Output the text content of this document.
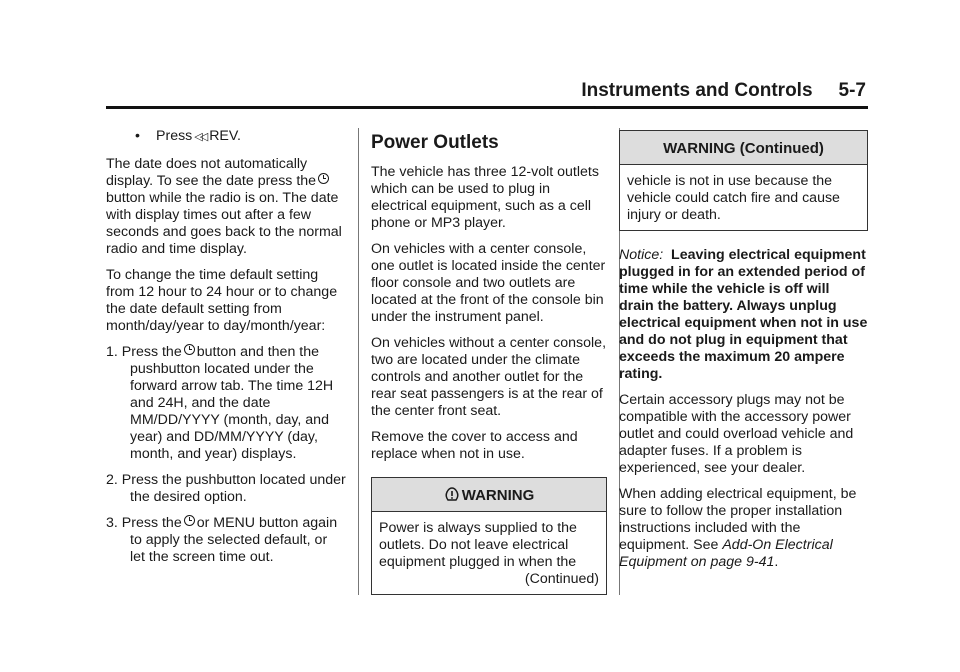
Instruments and Controls 5-7
•	Press ◁◁ REV.

The date does not automatically display. To see the date press the button while the radio is on. The date with display times out after a few seconds and goes back to the normal radio and time display.

To change the time default setting from 12 hour to 24 hour or to change the date default setting from month/day/year to day/month/year:

1. Press the button and then the pushbutton located under the forward arrow tab. The time 12H and 24H, and the date MM/DD/YYYY (month, day, and year) and DD/MM/YYYY (day, month, and year) displays.
2. Press the pushbutton located under the desired option.
3. Press the or MENU button again to apply the selected default, or let the screen time out.
Power Outlets

The vehicle has three 12-volt outlets which can be used to plug in electrical equipment, such as a cell phone or MP3 player.

On vehicles with a center console, one outlet is located inside the center floor console and two outlets are located at the front of the console bin under the instrument panel.

On vehicles without a center console, two are located under the climate controls and another outlet for the rear seat passengers is at the rear of the center front seat.

Remove the cover to access and replace when not in use.

WARNING
Power is always supplied to the outlets. Do not leave electrical equipment plugged in when the
(Continued)
WARNING (Continued)
vehicle is not in use because the vehicle could catch fire and cause injury or death.

Notice: Leaving electrical equipment plugged in for an extended period of time while the vehicle is off will drain the battery. Always unplug electrical equipment when not in use and do not plug in equipment that exceeds the maximum 20 ampere rating.

Certain accessory plugs may not be compatible with the accessory power outlet and could overload vehicle and adapter fuses. If a problem is experienced, see your dealer.

When adding electrical equipment, be sure to follow the proper installation instructions included with the equipment. See Add-On Electrical Equipment on page 9-41.
